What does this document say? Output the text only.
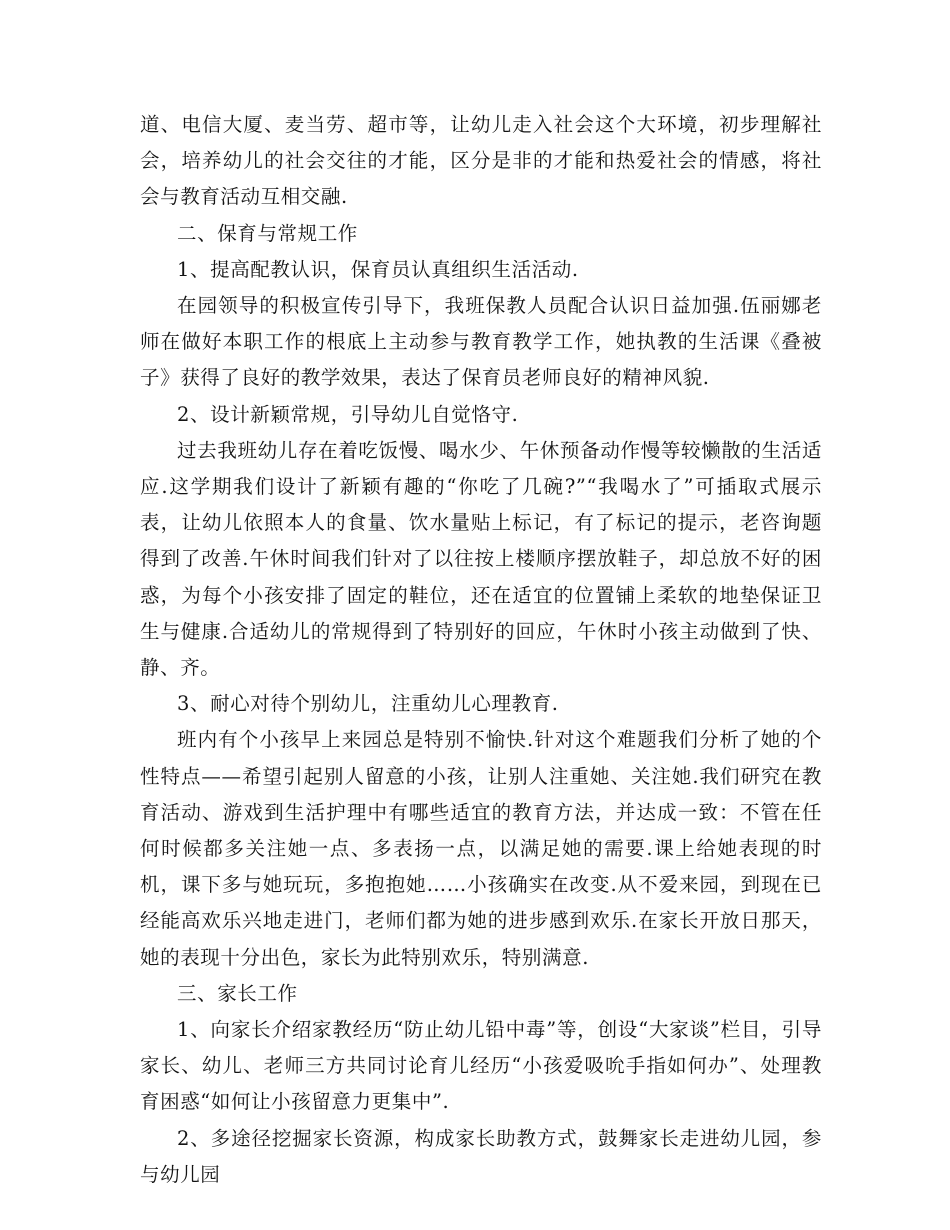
道、电信大厦、麦当劳、超市等，让幼儿走入社会这个大环境，初步理解社会，培养幼儿的社会交往的才能，区分是非的才能和热爱社会的情感，将社会与教育活动互相交融.

二、保育与常规工作

1、提高配教认识，保育员认真组织生活活动.

在园领导的积极宣传引导下，我班保教人员配合认识日益加强.伍丽娜老师在做好本职工作的根底上主动参与教育教学工作，她执教的生活课《叠被子》获得了良好的教学效果，表达了保育员老师良好的精神风貌.

2、设计新颖常规，引导幼儿自觉恪守.

过去我班幼儿存在着吃饭慢、喝水少、午休预备动作慢等较懒散的生活适应.这学期我们设计了新颖有趣的“你吃了几碗?”“我喝水了”可插取式展示表，让幼儿依照本人的食量、饮水量贴上标记，有了标记的提示，老咨询题得到了改善.午休时间我们针对了以往按上楼顺序摆放鞋子，却总放不好的困惑，为每个小孩安排了固定的鞋位，还在适宜的位置铺上柔软的地垫保证卫生与健康.合适幼儿的常规得到了特别好的回应，午休时小孩主动做到了快、静、齐。

3、耐心对待个别幼儿，注重幼儿心理教育.

班内有个小孩早上来园总是特别不愉快.针对这个难题我们分析了她的个性特点——希望引起别人留意的小孩，让别人注重她、关注她.我们研究在教育活动、游戏到生活护理中有哪些适宜的教育方法，并达成一致：不管在任何时候都多关注她一点、多表扬一点，以满足她的需要.课上给她表现的时机，课下多与她玩玩，多抱抱她……小孩确实在改变.从不爱来园，到现在已经能高欢乐兴地走进门，老师们都为她的进步感到欢乐.在家长开放日那天，她的表现十分出色，家长为此特别欢乐，特别满意.

三、家长工作

1、向家长介绍家教经历“防止幼儿铅中毒”等，创设“大家谈”栏目，引导家长、幼儿、老师三方共同讨论育儿经历“小孩爱吸吮手指如何办”、处理教育困惑“如何让小孩留意力更集中”.

2、多途径挖掘家长资源，构成家长助教方式，鼓舞家长走进幼儿园，参与幼儿园
